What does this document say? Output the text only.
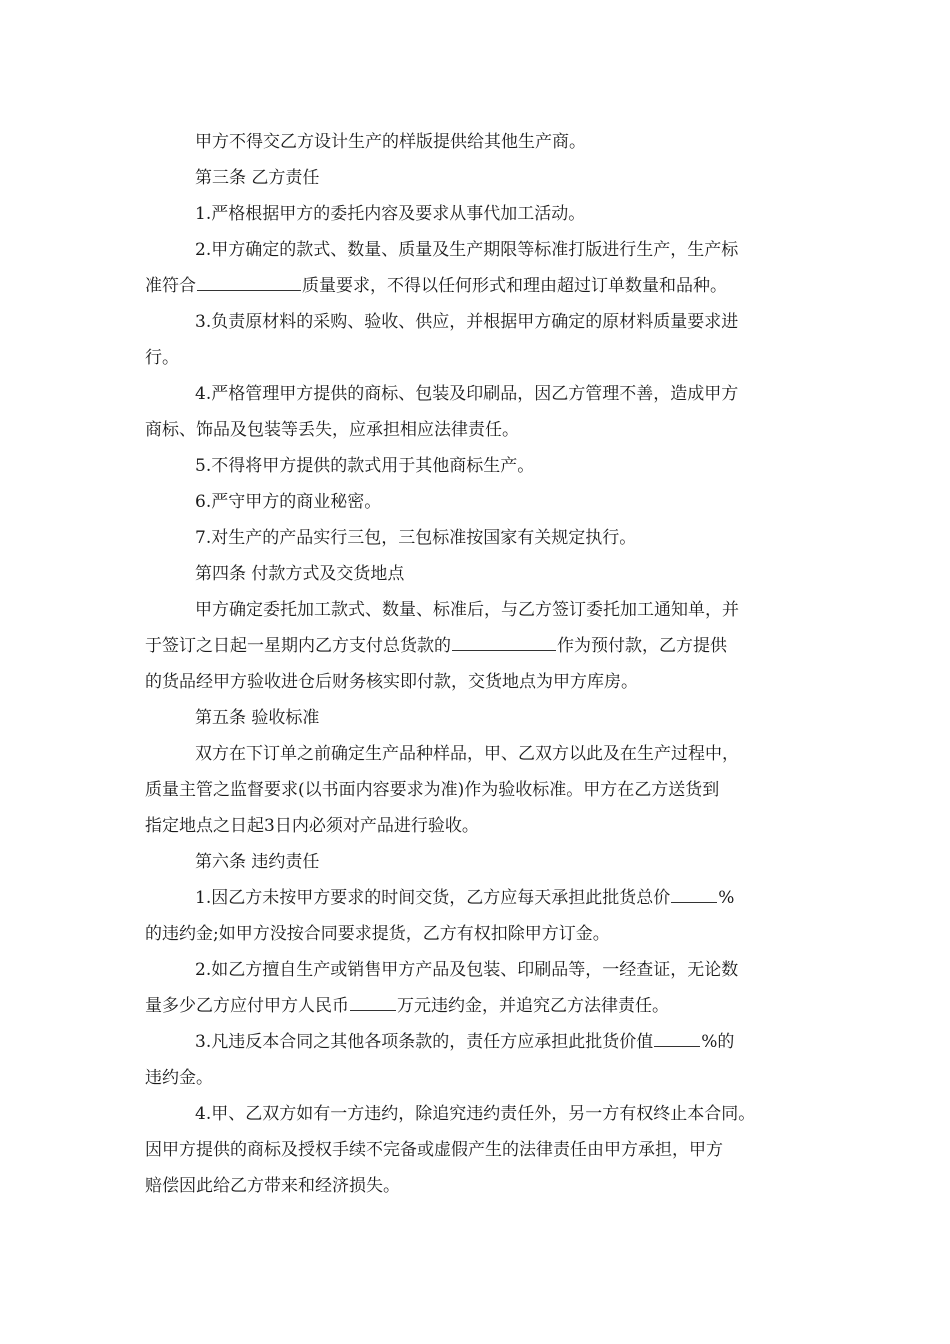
甲方不得交乙方设计生产的样版提供给其他生产商。
第三条 乙方责任
1.严格根据甲方的委托内容及要求从事代加工活动。
2.甲方确定的款式、数量、质量及生产期限等标准打版进行生产，生产标
准符合	质量要求，不得以任何形式和理由超过订单数量和品种。
3.负责原材料的采购、验收、供应，并根据甲方确定的原材料质量要求进
行。
4.严格管理甲方提供的商标、包装及印刷品，因乙方管理不善，造成甲方
商标、饰品及包装等丢失，应承担相应法律责任。
5.不得将甲方提供的款式用于其他商标生产。
6.严守甲方的商业秘密。
7.对生产的产品实行三包，三包标准按国家有关规定执行。
第四条 付款方式及交货地点
甲方确定委托加工款式、数量、标准后，与乙方签订委托加工通知单，并
于签订之日起一星期内乙方支付总货款的	作为预付款，乙方提供
的货品经甲方验收进仓后财务核实即付款，交货地点为甲方库房。
第五条 验收标准
双方在下订单之前确定生产品种样品，甲、乙双方以此及在生产过程中，
质量主管之监督要求(以书面内容要求为准)作为验收标准。甲方在乙方送货到
指定地点之日起3日内必须对产品进行验收。
第六条 违约责任
1.因乙方未按甲方要求的时间交货，乙方应每天承担此批货总价	%
的违约金;如甲方没按合同要求提货，乙方有权扣除甲方订金。
2.如乙方擅自生产或销售甲方产品及包装、印刷品等，一经查证，无论数
量多少乙方应付甲方人民币	万元违约金，并追究乙方法律责任。
3.凡违反本合同之其他各项条款的，责任方应承担此批货价值	%的
违约金。
4.甲、乙双方如有一方违约，除追究违约责任外，另一方有权终止本合同。
因甲方提供的商标及授权手续不完备或虚假产生的法律责任由甲方承担，甲方
赔偿因此给乙方带来和经济损失。
